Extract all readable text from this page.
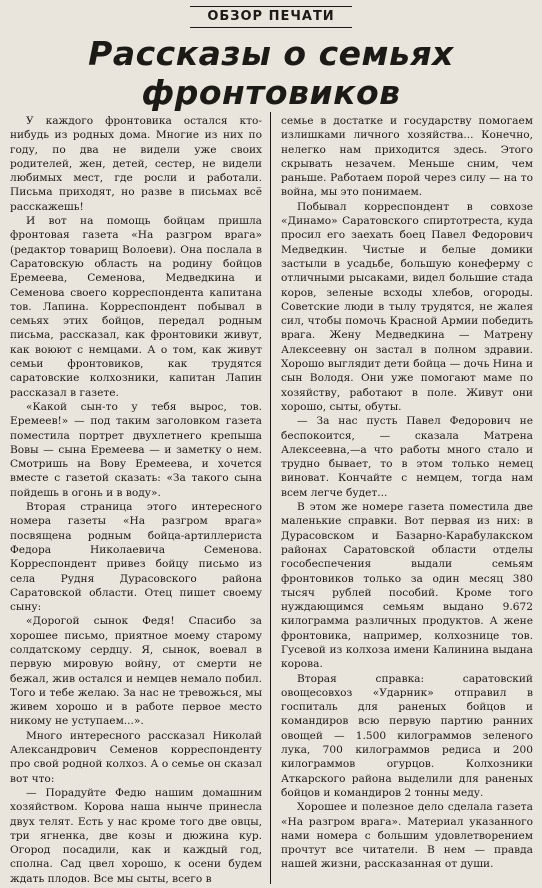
ОБЗОР ПЕЧАТИ
Рассказы о семьях
фронтовиков

У каждого фронтовика остался кто-нибудь из родных дома. Многие из них по году, по два не видели уже своих родителей, жен, детей, сестер, не видели любимых мест, где росли и работали. Письма приходят, но разве в письмах всё расскажешь!

И вот на помощь бойцам пришла фронтовая газета «На разгром врага» (редактор товарищ Волоеви). Она послала в Саратовскую область на родину бойцов Еремеева, Семенова, Медведкина и Семенова своего корреспондента капитана тов. Лапина. Корреспондент побывал в семьях этих бойцов, передал родным письма, рассказал, как фронтовики живут, как воюют с немцами. А о том, как живут семьи фронтовиков, как трудятся саратовские колхозники, капитан Лапин рассказал в газете.

«Какой сын-то у тебя вырос, тов. Еремеев!» — под таким заголовком газета поместила портрет двухлетнего крепыша Вовы — сына Еремеева — и заметку о нем. Смотришь на Вову Еремеева, и хочется вместе с газетой сказать: «За такого сына пойдешь в огонь и в воду».

Вторая страница этого интересного номера газеты «На разгром врага» посвящена родным бойца-артиллериста Федора Николаевича Семенова. Корреспондент привез бойцу письмо из села Рудня Дурасовского района Саратовской области. Отец пишет своему сыну:

«Дорогой сынок Федя! Спасибо за хорошее письмо, приятное моему старому солдатскому сердцу. Я, сынок, воевал в первую мировую войну, от смерти не бежал, жив остался и немцев немало побил. Того и тебе желаю. За нас не тревожься, мы живем хорошо и в работе первое место никому не уступаем...».

Много интересного рассказал Николай Александрович Семенов корреспонденту про свой родной колхоз. А о семье он сказал вот что:

— Порадуйте Федю нашим домашним хозяйством. Корова наша нынче принесла двух телят. Есть у нас кроме того две овцы, три ягненка, две козы и дюжина кур. Огород посадили, как и каждый год, сполна. Сад цвел хорошо, к осени будем ждать плодов. Все мы сыты, всего в

семье в достатке и государству помогаем излишками личного хозяйства... Конечно, нелегко нам приходится здесь. Этого скрывать незачем. Меньше сним, чем раньше. Работаем порой через силу — на то война, мы это понимаем.

Побывал корреспондент в совхозе «Динамо» Саратовского спиртотреста, куда просил его заехать боец Павел Федорович Медведкин. Чистые и белые домики застыли в усадьбе, большую конеферму с отличными рысаками, видел большие стада коров, зеленые всходы хлебов, огороды. Советские люди в тылу трудятся, не жалея сил, чтобы помочь Красной Армии победить врага. Жену Медведкина — Матрену Алексеевну он застал в полном здравии. Хорошо выглядит дети бойца — дочь Нина и сын Володя. Они уже помогают маме по хозяйству, работают в поле. Живут они хорошо, сыты, обуты.

— За нас пусть Павел Федорович не беспокоится, — сказала Матрена Алексеевна,—а что работы много стало и трудно бывает, то в этом только немец виноват. Кончайте с немцем, тогда нам всем легче будет...

В этом же номере газета поместила две маленькие справки. Вот первая из них: в Дурасовском и Базарно-Карабулакском районах Саратовской области отделы гособеспечения выдали семьям фронтовиков только за один месяц 380 тысяч рублей пособий. Кроме того нуждающимся семьям выдано 9.672 килограмма различных продуктов. А жене фронтовика, например, колхознице тов. Гусевой из колхоза имени Калинина выдана корова.

Вторая справка: саратовский овощесовхоз «Ударник» отправил в госпиталь для раненых бойцов и командиров всю первую партию ранних овощей — 1.500 килограммов зеленого лука, 700 килограммов редиса и 200 килограммов огурцов. Колхозники Аткарского района выделили для раненых бойцов и командиров 2 тонны меду.

Хорошее и полезное дело сделала газета «На разгром врага». Материал указанного нами номера с большим удовлетворением прочтут все читатели. В нем — правда нашей жизни, рассказанная от души.
